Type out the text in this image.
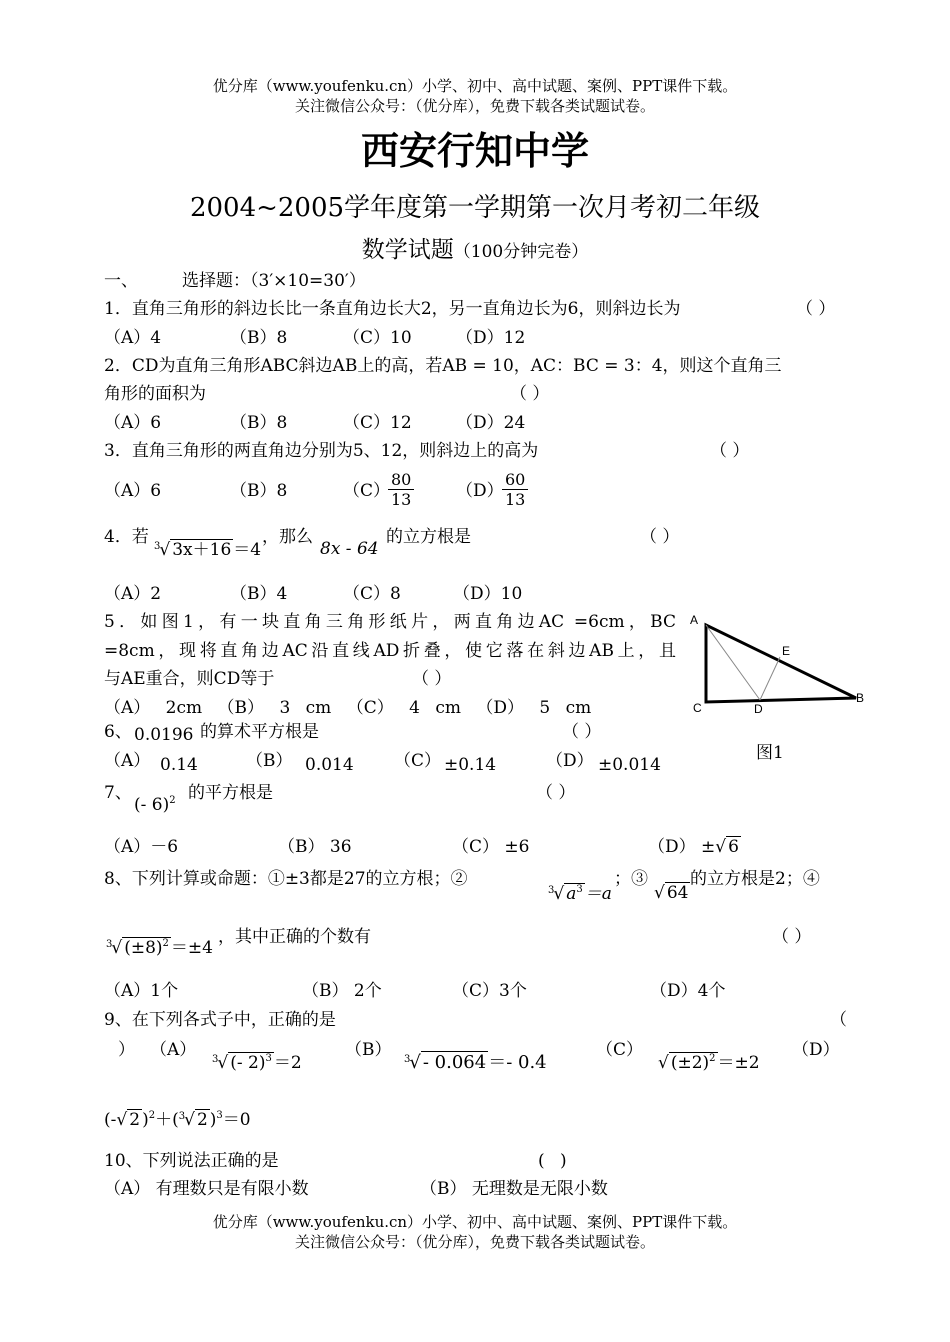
优分库（www.youfenku.cn）小学、初中、高中试题、案例、PPT课件下载。
关注微信公众号：（优分库），免费下载各类试题试卷。
西安行知中学
2004~2005学年度第一学期第一次月考初二年级
数学试题（100分钟完卷）
一、	选择题：（3′×10=30′）
1．直角三角形的斜边长比一条直角边长大2，另一直角边长为6，则斜边长为	（ ）
（A）4	（B）8	（C）10	（D）12
2．CD为直角三角形ABC斜边AB上的高，若AB = 10，AC：BC = 3：4，则这个直角三
角形的面积为	（ ）
（A）6	（B）8	（C）12	（D）24
3．直角三角形的两直角边分别为5、12，则斜边上的高为	（ ）
（A）6	（B）8	（C）
$\frac{80}{13} (D)$
$\frac{60}{13}$
4．若 $^3$√ 3x＋16 ＝4
，那么
8x - 64
的立方根是	（ ）
（A）2	（B）4	（C）8	（D）10
5．如图1，有一块直角三角形纸片，两直角边AC =6cm，BC
=8cm，现将直角边AC沿直线AD折叠，使它落在斜边AB上，且
与AE重合，则CD等于	（ ）
（A） 2cm （B） 3 cm （C） 4 cm （D） 5 cm
A
B
C	D
E
图1
6、 0.0196 的算术平方根是	（ ）
（A） 0.14	（B） 0.014 （C） ±0.14	（D） ±0.014
7、
(- 6)$^2$ 的平方根是	（ ）
（A）－6	（B） 36	（C） ±6	（D） ±√ 6
8、下列计算或命题：①±3都是27的立方根；②
$^3$√ $a^3 =a$
；③
√ 64
的立方根是2；④
$^3$√ $(\pm 8)^2 =\pm 4$
，其中正确的个数有	（ ）
（A）1个	（B） 2个	（C）3个	（D）4个
9、在下列各式子中，正确的是	（
） （A） $^3$√ (- 2)$^3$ ＝2
（B） $^3$√ - 0.064 ＝- 0.4
（C）
√ $(\pm 2)^2 =\pm 2$
（D）
(-√ 2 )$^2$＋($^3$√ 2 )$^3$＝0
10、下列说法正确的是	( )
（A） 有理数只是有限小数	（B） 无理数是无限小数
优分库（www.youfenku.cn）小学、初中、高中试题、案例、PPT课件下载。
关注微信公众号：（优分库），免费下载各类试题试卷。
